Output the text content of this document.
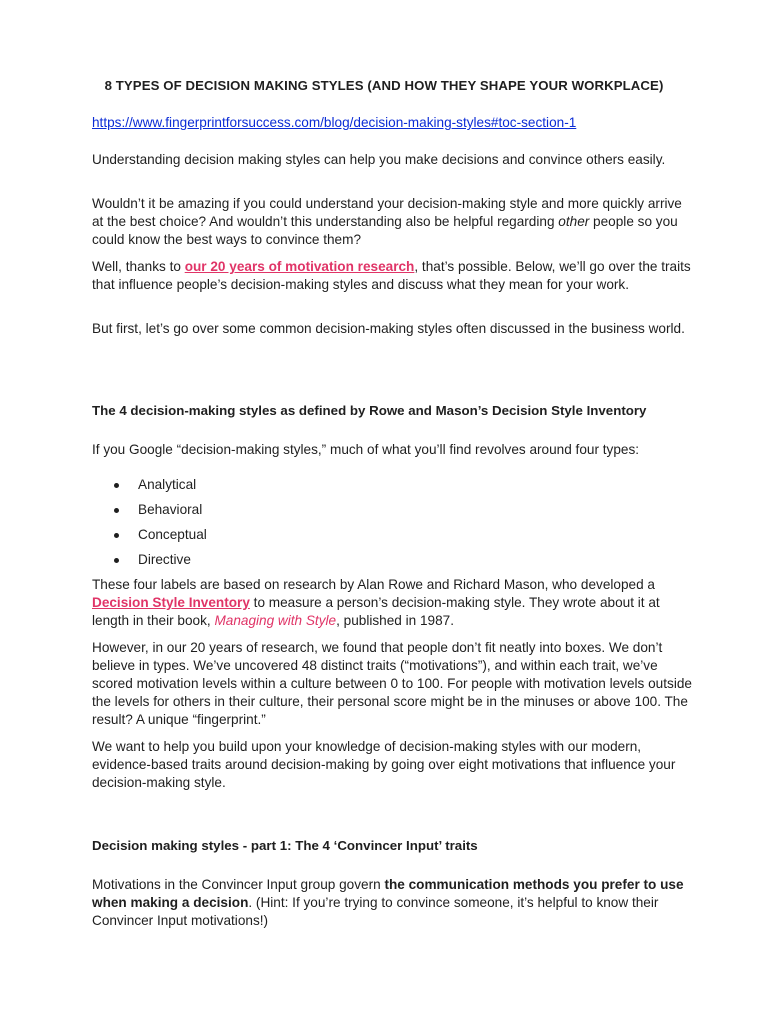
8 TYPES OF DECISION MAKING STYLES (AND HOW THEY SHAPE YOUR WORKPLACE)
https://www.fingerprintforsuccess.com/blog/decision-making-styles#toc-section-1

Understanding decision making styles can help you make decisions and convince others easily.

Wouldn’t it be amazing if you could understand your decision-making style and more quickly arrive at the best choice? And wouldn’t this understanding also be helpful regarding other people so you could know the best ways to convince them?

Well, thanks to our 20 years of motivation research, that’s possible. Below, we’ll go over the traits that influence people’s decision-making styles and discuss what they mean for your work.

But first, let’s go over some common decision-making styles often discussed in the business world.

The 4 decision-making styles as defined by Rowe and Mason’s Decision Style Inventory

If you Google “decision-making styles,” much of what you’ll find revolves around four types:

Analytical
Behavioral
Conceptual
Directive

These four labels are based on research by Alan Rowe and Richard Mason, who developed a Decision Style Inventory to measure a person’s decision-making style. They wrote about it at length in their book, Managing with Style, published in 1987.

However, in our 20 years of research, we found that people don’t fit neatly into boxes. We don’t believe in types. We’ve uncovered 48 distinct traits (“motivations”), and within each trait, we’ve scored motivation levels within a culture between 0 to 100. For people with motivation levels outside the levels for others in their culture, their personal score might be in the minuses or above 100. The result? A unique “fingerprint.”

We want to help you build upon your knowledge of decision-making styles with our modern, evidence-based traits around decision-making by going over eight motivations that influence your decision-making style.

Decision making styles - part 1: The 4 ‘Convincer Input’ traits

Motivations in the Convincer Input group govern the communication methods you prefer to use when making a decision. (Hint: If you’re trying to convince someone, it’s helpful to know their Convincer Input motivations!)
